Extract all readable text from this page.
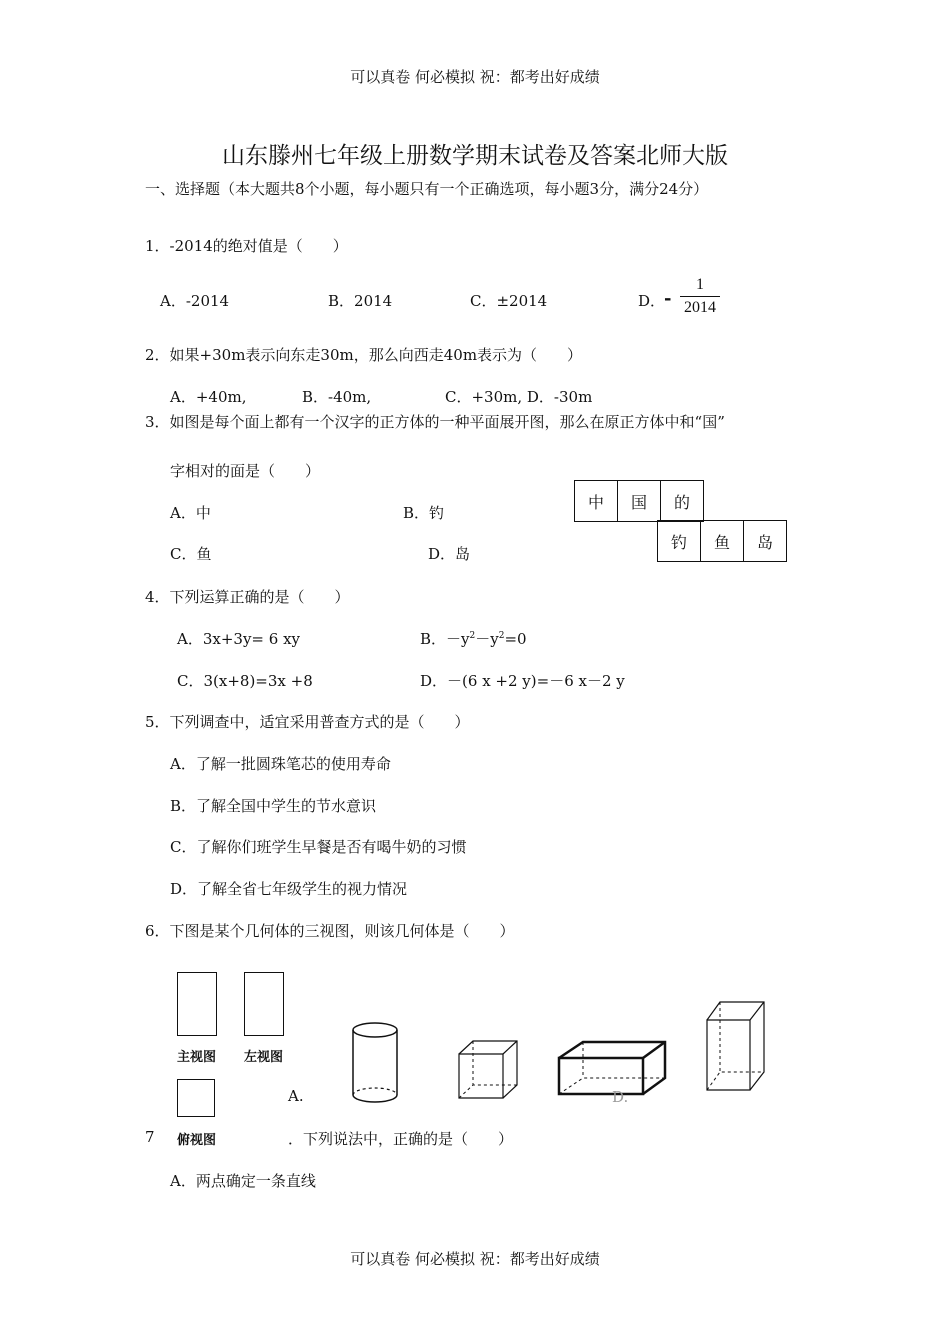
可以真卷 何必模拟 祝：都考出好成绩
山东滕州七年级上册数学期末试卷及答案北师大版
一、选择题（本大题共8个小题，每小题只有一个正确选项，每小题3分，满分24分）
1．-2014的绝对值是（　　）
A．-2014	B．2014	C．±2014	D．
- $\frac{1}{2014}$
2．如果+30m表示向东走30m，那么向西走40m表示为（　　）
A．+40m,	B．-40m,	C．+30m, D．-30m
3．如图是每个面上都有一个汉字的正方体的一种平面展开图，那么在原正方体中和“国”
字相对的面是（　　）
A．中	B．钓
C．鱼	D．岛
中	国	的
钓	鱼	岛
4．下列运算正确的是（　　）
A．3x+3y= 6 xy	B．$-y^2-y^2=0$
C．3(x+8)=3x +8	D．－(6 x +2 y)=－6 x－2 y
5．下列调查中，适宜采用普查方式的是（　　）
A．了解一批圆珠笔芯的使用寿命
B．了解全国中学生的节水意识
C．了解你们班学生早餐是否有喝牛奶的习惯
D．了解全省七年级学生的视力情况
6．下图是某个几何体的三视图，则该几何体是（　　）
主视图 左视图
俯视图
A.	D.
7	．下列说法中，正确的是（　　）
A．两点确定一条直线
可以真卷 何必模拟 祝：都考出好成绩
